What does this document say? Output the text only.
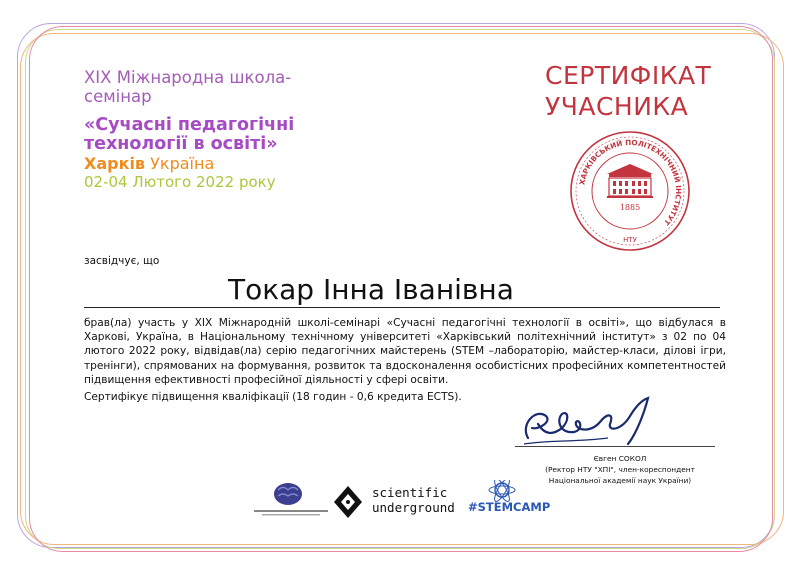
XIX Міжнародна школа-семінар
«Сучасні педагогічні технології в освіті»
Харків Україна
02-04 Лютого 2022 року
СЕРТИФІКАТ
УЧАСНИКА
ХАРКІВСЬКИЙ ПОЛІТЕХНІЧНИЙ ІНСТИТУТ
1885
НТУ
засвідчує, що
Токар Інна Іванівна
брав(ла) участь у XIX Міжнародній школі-семінарі «Сучасні педагогічні технології в освіті», що відбулася в Харкові, Україна, в Національному технічному університеті «Харківський політехнічний інститут» з 02 по 04 лютого 2022 року, відвідав(ла) серію педагогічних майстерень (STEM –лабораторію, майстер-класи, ділові ігри, тренінги), спрямованих на формування, розвиток та вдосконалення особистісних професійних компетентностей підвищення ефективності професійної діяльності у сфері освіти.
Сертифікує підвищення кваліфікації (18 годин - 0,6 кредита ECTS).
Євген СОКОЛ
(Ректор НТУ "ХПІ", член-кореспондент
Національної академії наук України)
scientific
underground #STEMCAMP
